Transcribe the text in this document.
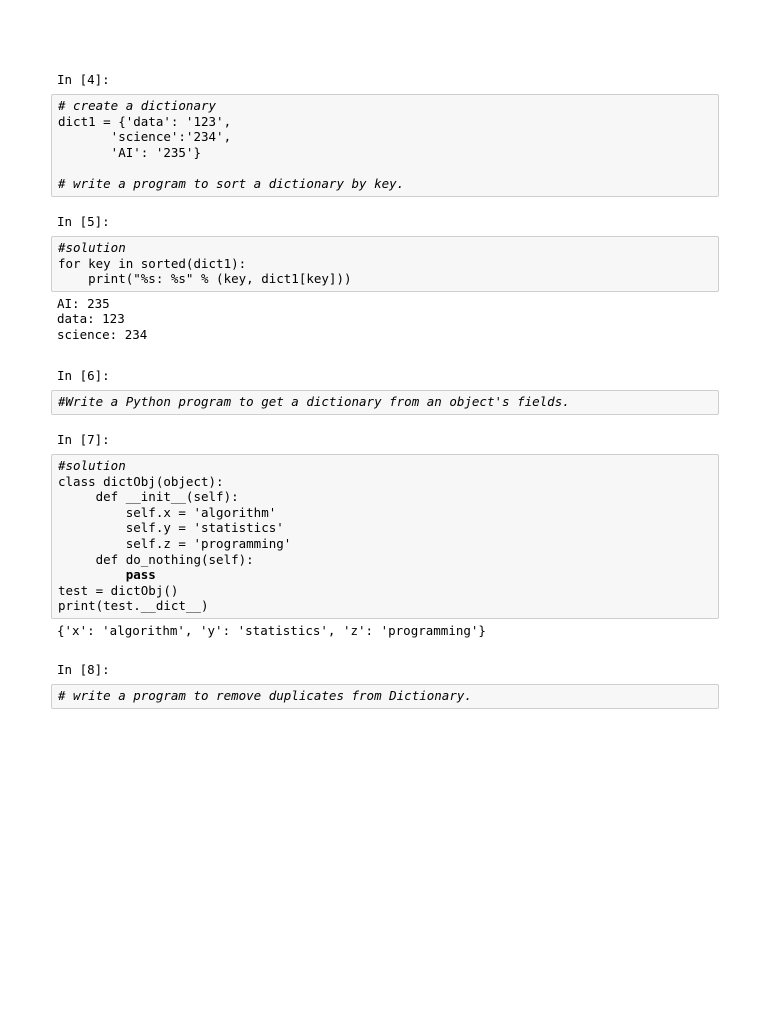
In [4]:
# create a dictionary
dict1 = {'data': '123',
'science':'234',
'AI': '235'}
# write a program to sort a dictionary by key.
In [5]:
#solution
for key in sorted(dict1):
print("%s: %s" % (key, dict1[key]))
AI: 235
data: 123
science: 234
In [6]:
#Write a Python program to get a dictionary from an object's fields.
In [7]:
#solution
class dictObj(object):
def __init__(self):
self.x = 'algorithm'
self.y = 'statistics'
self.z = 'programming'
def do_nothing(self):
pass
test = dictObj()
print(test.__dict__)
{'x': 'algorithm', 'y': 'statistics', 'z': 'programming'}
In [8]:
# write a program to remove duplicates from Dictionary.
